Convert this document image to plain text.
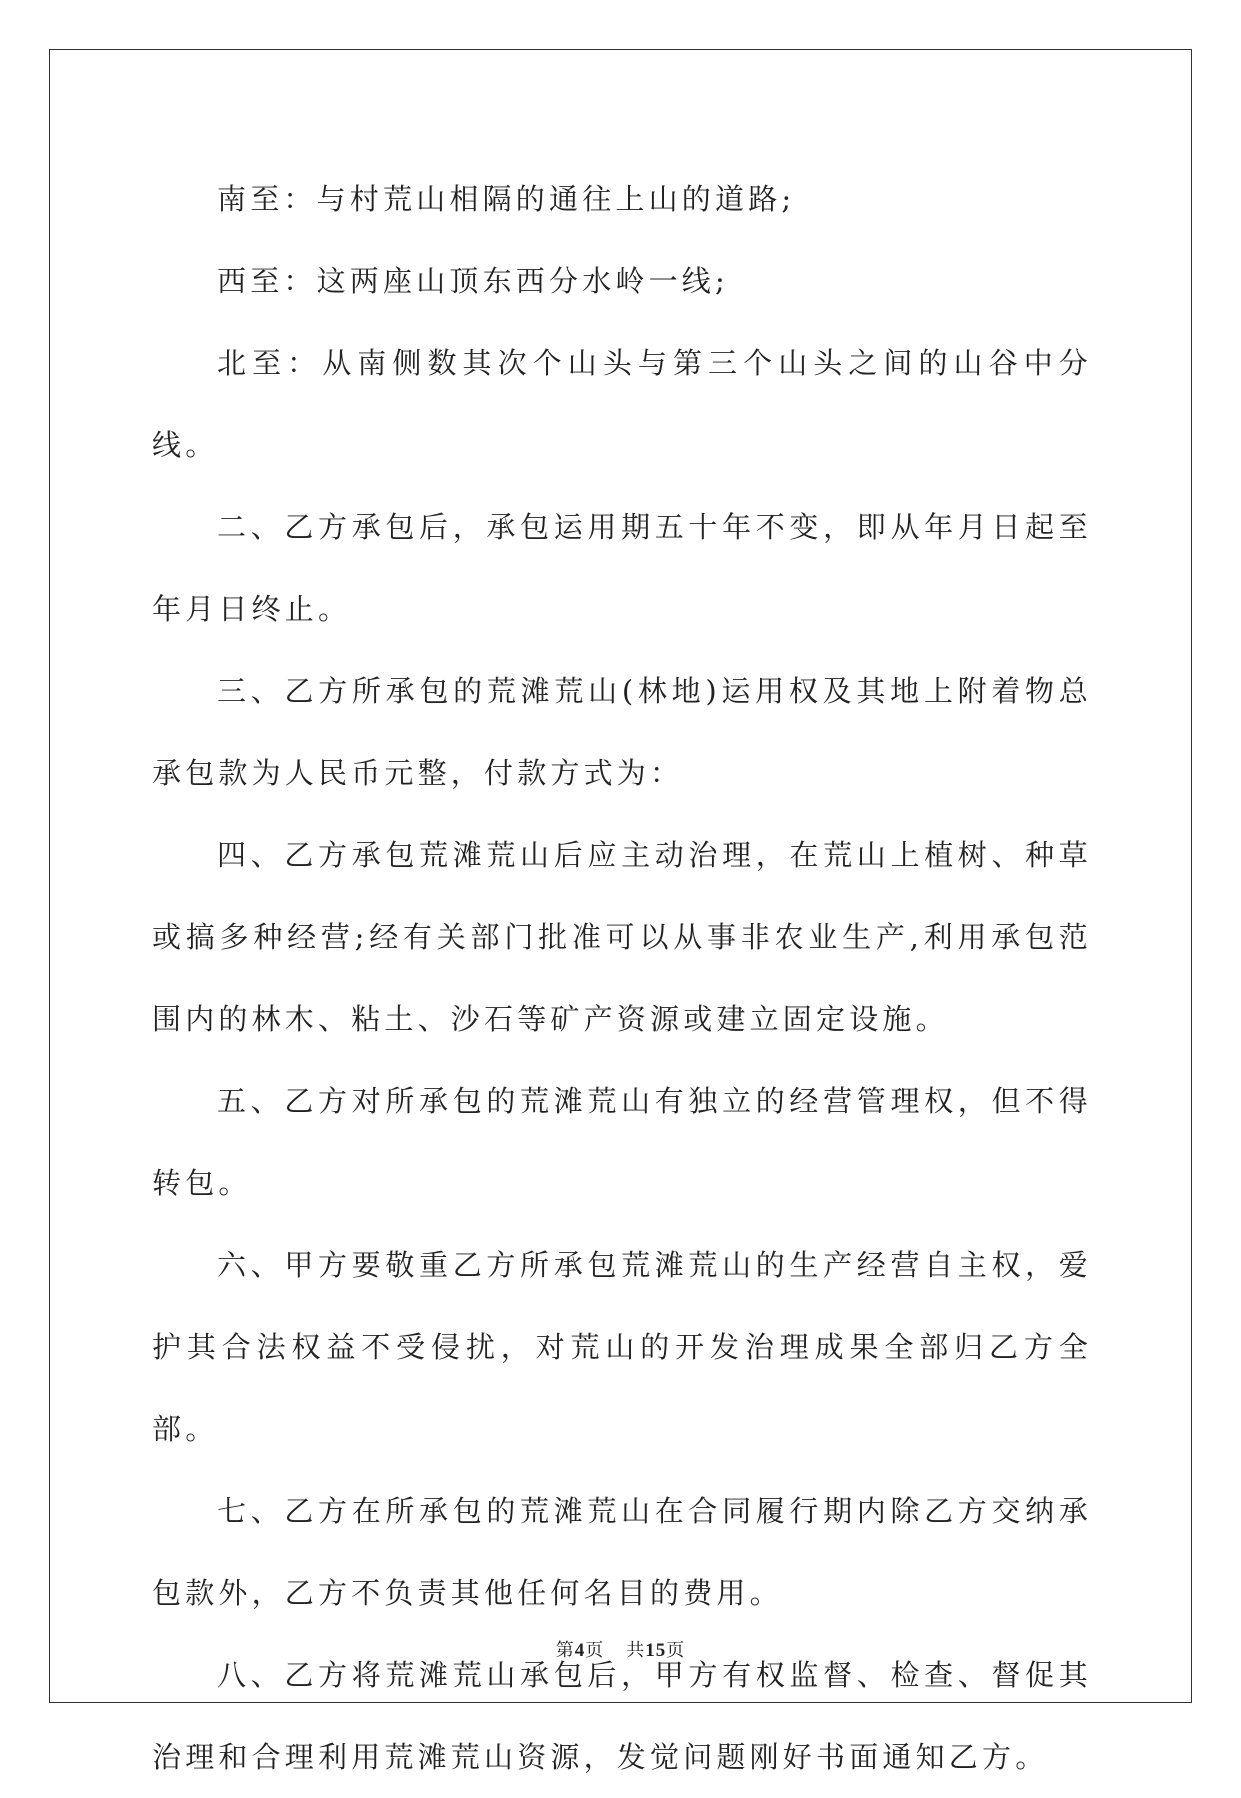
南至：与村荒山相隔的通往上山的道路;

西至：这两座山顶东西分水岭一线;

北至：从南侧数其次个山头与第三个山头之间的山谷中分线。

二、乙方承包后，承包运用期五十年不变，即从年月日起至年月日终止。

三、乙方所承包的荒滩荒山(林地)运用权及其地上附着物总承包款为人民币元整，付款方式为：

四、乙方承包荒滩荒山后应主动治理，在荒山上植树、种草或搞多种经营;经有关部门批准可以从事非农业生产,利用承包范围内的林木、粘土、沙石等矿产资源或建立固定设施。

五、乙方对所承包的荒滩荒山有独立的经营管理权，但不得转包。

六、甲方要敬重乙方所承包荒滩荒山的生产经营自主权，爱护其合法权益不受侵扰，对荒山的开发治理成果全部归乙方全部。

七、乙方在所承包的荒滩荒山在合同履行期内除乙方交纳承包款外，乙方不负责其他任何名目的费用。

八、乙方将荒滩荒山承包后，甲方有权监督、检查、督促其治理和合理利用荒滩荒山资源，发觉问题刚好书面通知乙方。

第4页 共15页
